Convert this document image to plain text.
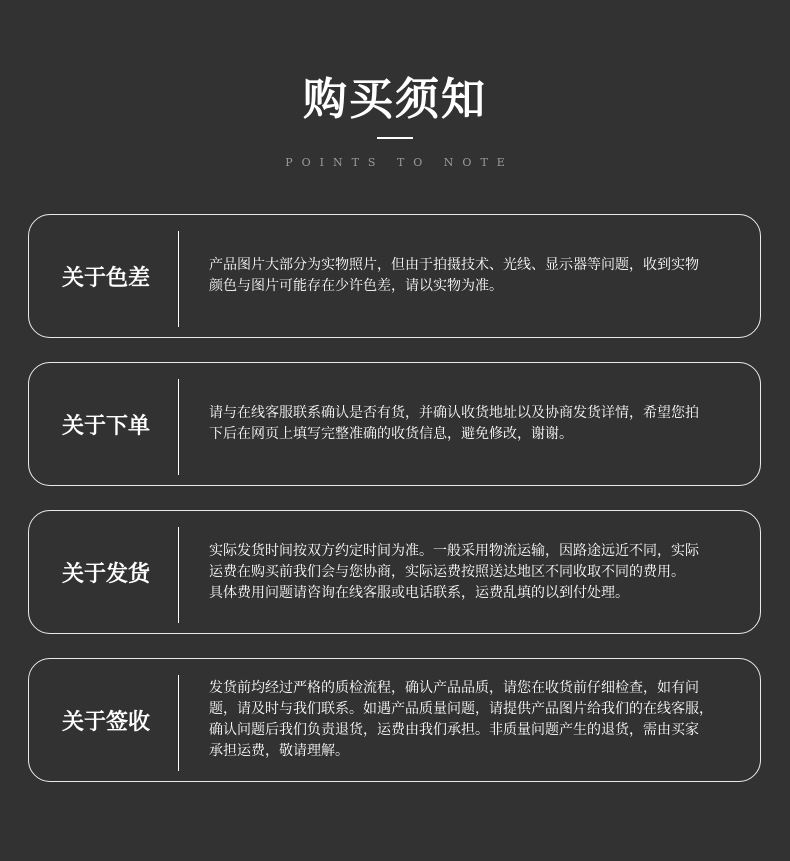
购买须知
POINTS TO NOTE
关于色差
产品图片大部分为实物照片，但由于拍摄技术、光线、显示器等问题，收到实物
颜色与图片可能存在少许色差，请以实物为准。
关于下单
请与在线客服联系确认是否有货，并确认收货地址以及协商发货详情，希望您拍
下后在网页上填写完整准确的收货信息，避免修改，谢谢。
关于发货
实际发货时间按双方约定时间为准。一般采用物流运输，因路途远近不同，实际
运费在购买前我们会与您协商，实际运费按照送达地区不同收取不同的费用。
具体费用问题请咨询在线客服或电话联系，运费乱填的以到付处理。
关于签收
发货前均经过严格的质检流程，确认产品品质，请您在收货前仔细检查，如有问
题，请及时与我们联系。如遇产品质量问题，请提供产品图片给我们的在线客服，
确认问题后我们负责退货，运费由我们承担。非质量问题产生的退货，需由买家
承担运费，敬请理解。
